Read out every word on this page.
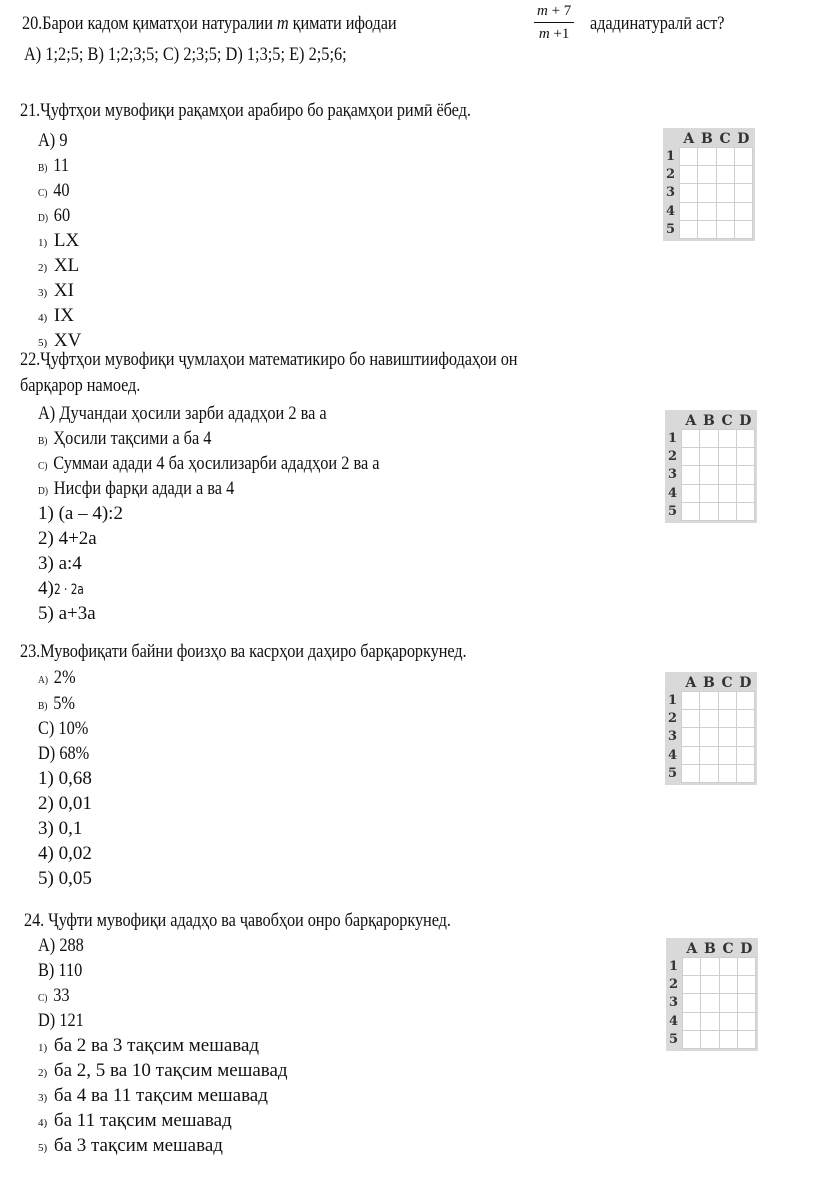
20.Барои кадом қиматҳои натуралии m қимати ифодаи	$\frac{m + 7}{m +1}$ ададинатуралӣ аст?
А) 1;2;5; В) 1;2;3;5; С) 2;3;5; D) 1;3;5; Е) 2;5;6;
21.Ҷуфтҳои мувофиқи рақамҳои арабиро бо рақамҳои римӣ ёбед.
А) 9
В) 11
С) 40
D) 60
1) LX
2) XL
3) XI
4) IX
5) XV
	A	B	C	D
1				
2				
3				
4				
5				
22.Ҷуфтҳои мувофиқи ҷумлаҳои математикиро бо навиштиифодаҳои он
барқарор намоед.
А) Дучандаи ҳосили зарби ададҳои 2 ва а
В) Ҳосили тақсими а ба 4
С) Суммаи адади 4 ба ҳосилизарби ададҳои 2 ва а
D) Нисфи фарқи адади а ва 4
1) (a – 4):2
2) 4+2a
3) a:4
4)2 · 2a
5) a+3a
	A	B	C	D
1				
2				
3				
4				
5				
23.Мувофиқати байни фоизҳо ва касрҳои даҳиро барқароркунед.
А) 2%
В) 5%
С) 10%
D) 68%
1) 0,68
2) 0,01
3) 0,1
4) 0,02
5) 0,05
	A	B	C	D
1				
2				
3				
4				
5				
24. Ҷуфти мувофиқи ададҳо ва ҷавобҳои онро барқароркунед.
А) 288
В) 110
С) 33
D) 121
1) ба 2 ва 3 тақсим мешавад
2) ба 2, 5 ва 10 тақсим мешавад
3) ба 4 ва 11 тақсим мешавад
4) ба 11 тақсим мешавад
5) ба 3 тақсим мешавад
	A	B	C	D
1				
2				
3				
4				
5				
